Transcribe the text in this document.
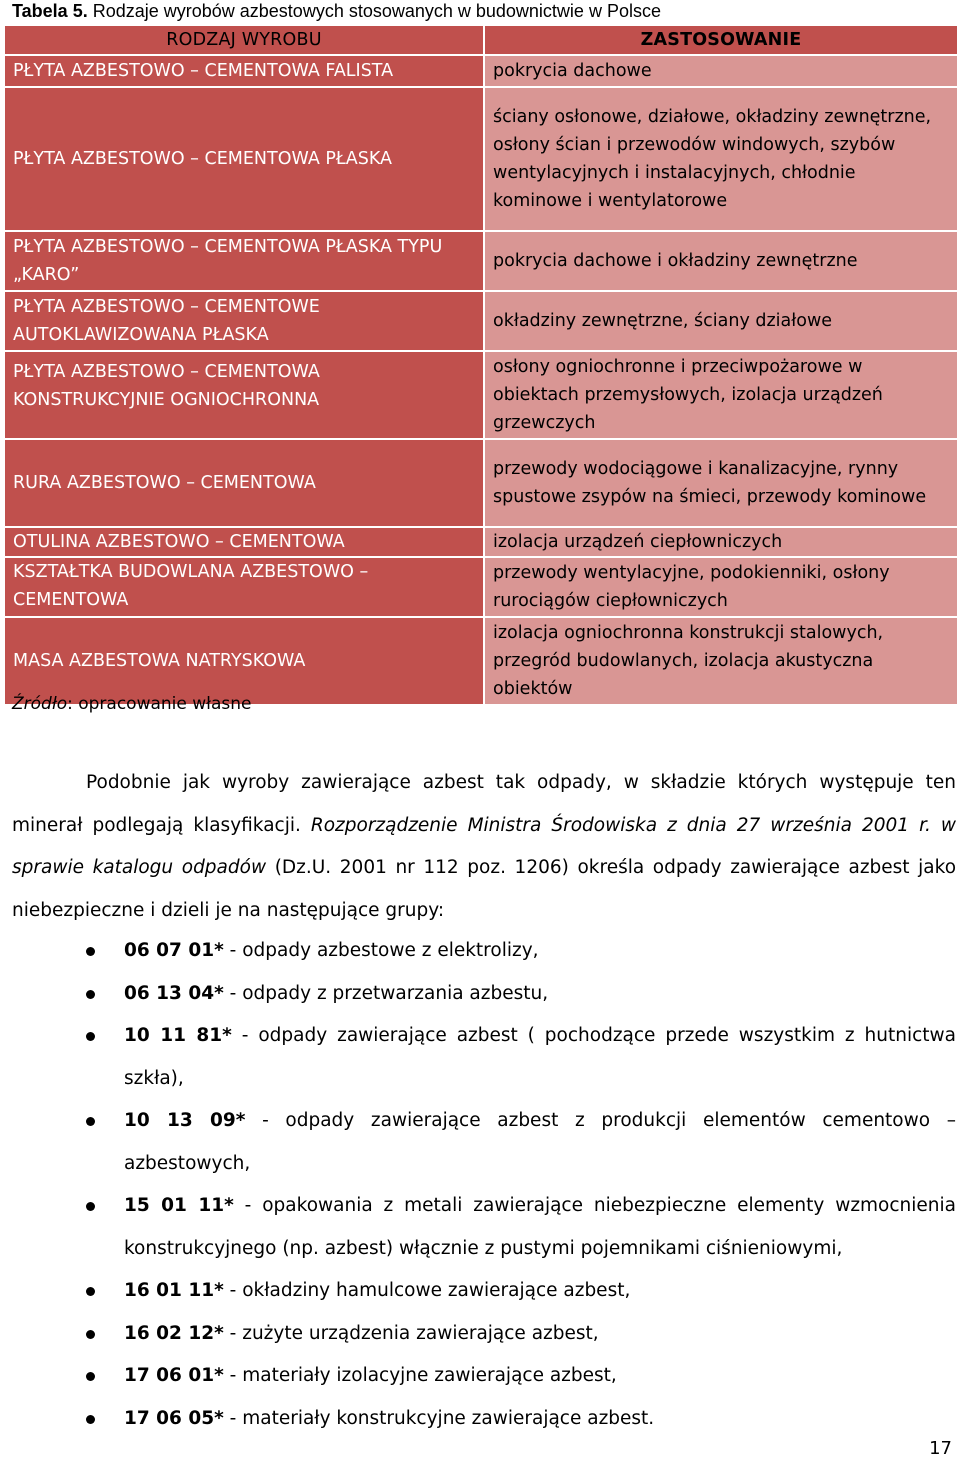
Tabela 5. Rodzaje wyrobów azbestowych stosowanych w budownictwie w Polsce
RODZAJ WYROBU	ZASTOSOWANIE
PŁYTA AZBESTOWO – CEMENTOWA FALISTA	pokrycia dachowe
PŁYTA AZBESTOWO – CEMENTOWA PŁASKA	ściany osłonowe, działowe, okładziny zewnętrzne, osłony ścian i przewodów windowych, szybów wentylacyjnych i instalacyjnych, chłodnie kominowe i wentylatorowe
PŁYTA AZBESTOWO – CEMENTOWA PŁASKA TYPU „KARO”	pokrycia dachowe i okładziny zewnętrzne
PŁYTA AZBESTOWO – CEMENTOWE AUTOKLAWIZOWANA PŁASKA	okładziny zewnętrzne, ściany działowe
PŁYTA AZBESTOWO – CEMENTOWA KONSTRUKCYJNIE OGNIOCHRONNA	osłony ogniochronne i przeciwpożarowe w obiektach przemysłowych, izolacja urządzeń grzewczych
RURA AZBESTOWO – CEMENTOWA	przewody wodociągowe i kanalizacyjne, rynny spustowe zsypów na śmieci, przewody kominowe
OTULINA AZBESTOWO – CEMENTOWA	izolacja urządzeń ciepłowniczych
KSZTAŁTKA BUDOWLANA AZBESTOWO – CEMENTOWA	przewody wentylacyjne, podokienniki, osłony rurociągów ciepłowniczych
MASA AZBESTOWA NATRYSKOWA	izolacja ogniochronna konstrukcji stalowych, przegród budowlanych, izolacja akustyczna obiektów
Źródło: opracowanie własne
Podobnie jak wyroby zawierające azbest tak odpady, w składzie których występuje ten minerał podlegają klasyfikacji. Rozporządzenie Ministra Środowiska z dnia 27 września 2001 r. w sprawie katalogu odpadów (Dz.U. 2001 nr 112 poz. 1206) określa odpady zawierające azbest jako niebezpieczne i dzieli je na następujące grupy:
06 07 01* - odpady azbestowe z elektrolizy,
06 13 04* - odpady z przetwarzania azbestu,
10 11 81* - odpady zawierające azbest ( pochodzące przede wszystkim z hutnictwa szkła),
10 13 09* - odpady zawierające azbest z produkcji elementów cementowo – azbestowych,
15 01 11* - opakowania z metali zawierające niebezpieczne elementy wzmocnienia konstrukcyjnego (np. azbest) włącznie z pustymi pojemnikami ciśnieniowymi,
16 01 11* - okładziny hamulcowe zawierające azbest,
16 02 12* - zużyte urządzenia zawierające azbest,
17 06 01* - materiały izolacyjne zawierające azbest,
17 06 05* - materiały konstrukcyjne zawierające azbest.
17
